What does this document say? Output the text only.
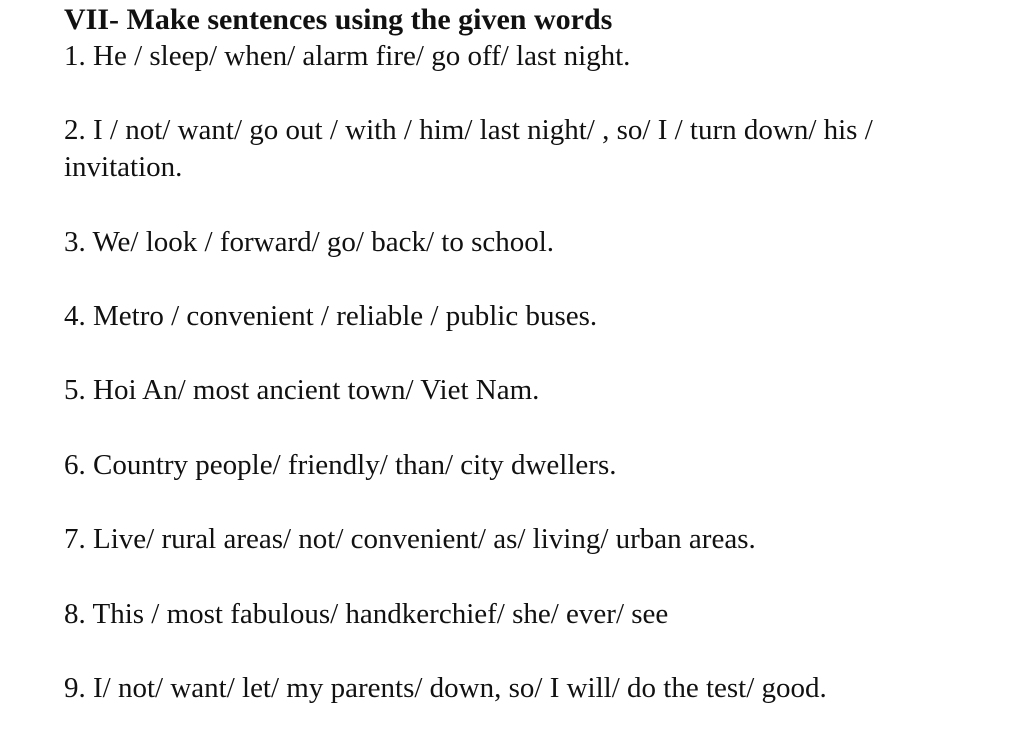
VII- Make sentences using the given words
1. He / sleep/ when/ alarm fire/ go off/ last night.
2. I / not/ want/ go out / with / him/ last night/ , so/ I / turn down/ his /
invitation.
3. We/ look / forward/ go/ back/ to school.
4. Metro / convenient / reliable / public buses.
5. Hoi An/ most ancient town/ Viet Nam.
6. Country people/ friendly/ than/ city dwellers.
7. Live/ rural areas/ not/ convenient/ as/ living/ urban areas.
8. This / most fabulous/ handkerchief/ she/ ever/ see
9. I/ not/ want/ let/ my parents/ down, so/ I will/ do the test/ good.
